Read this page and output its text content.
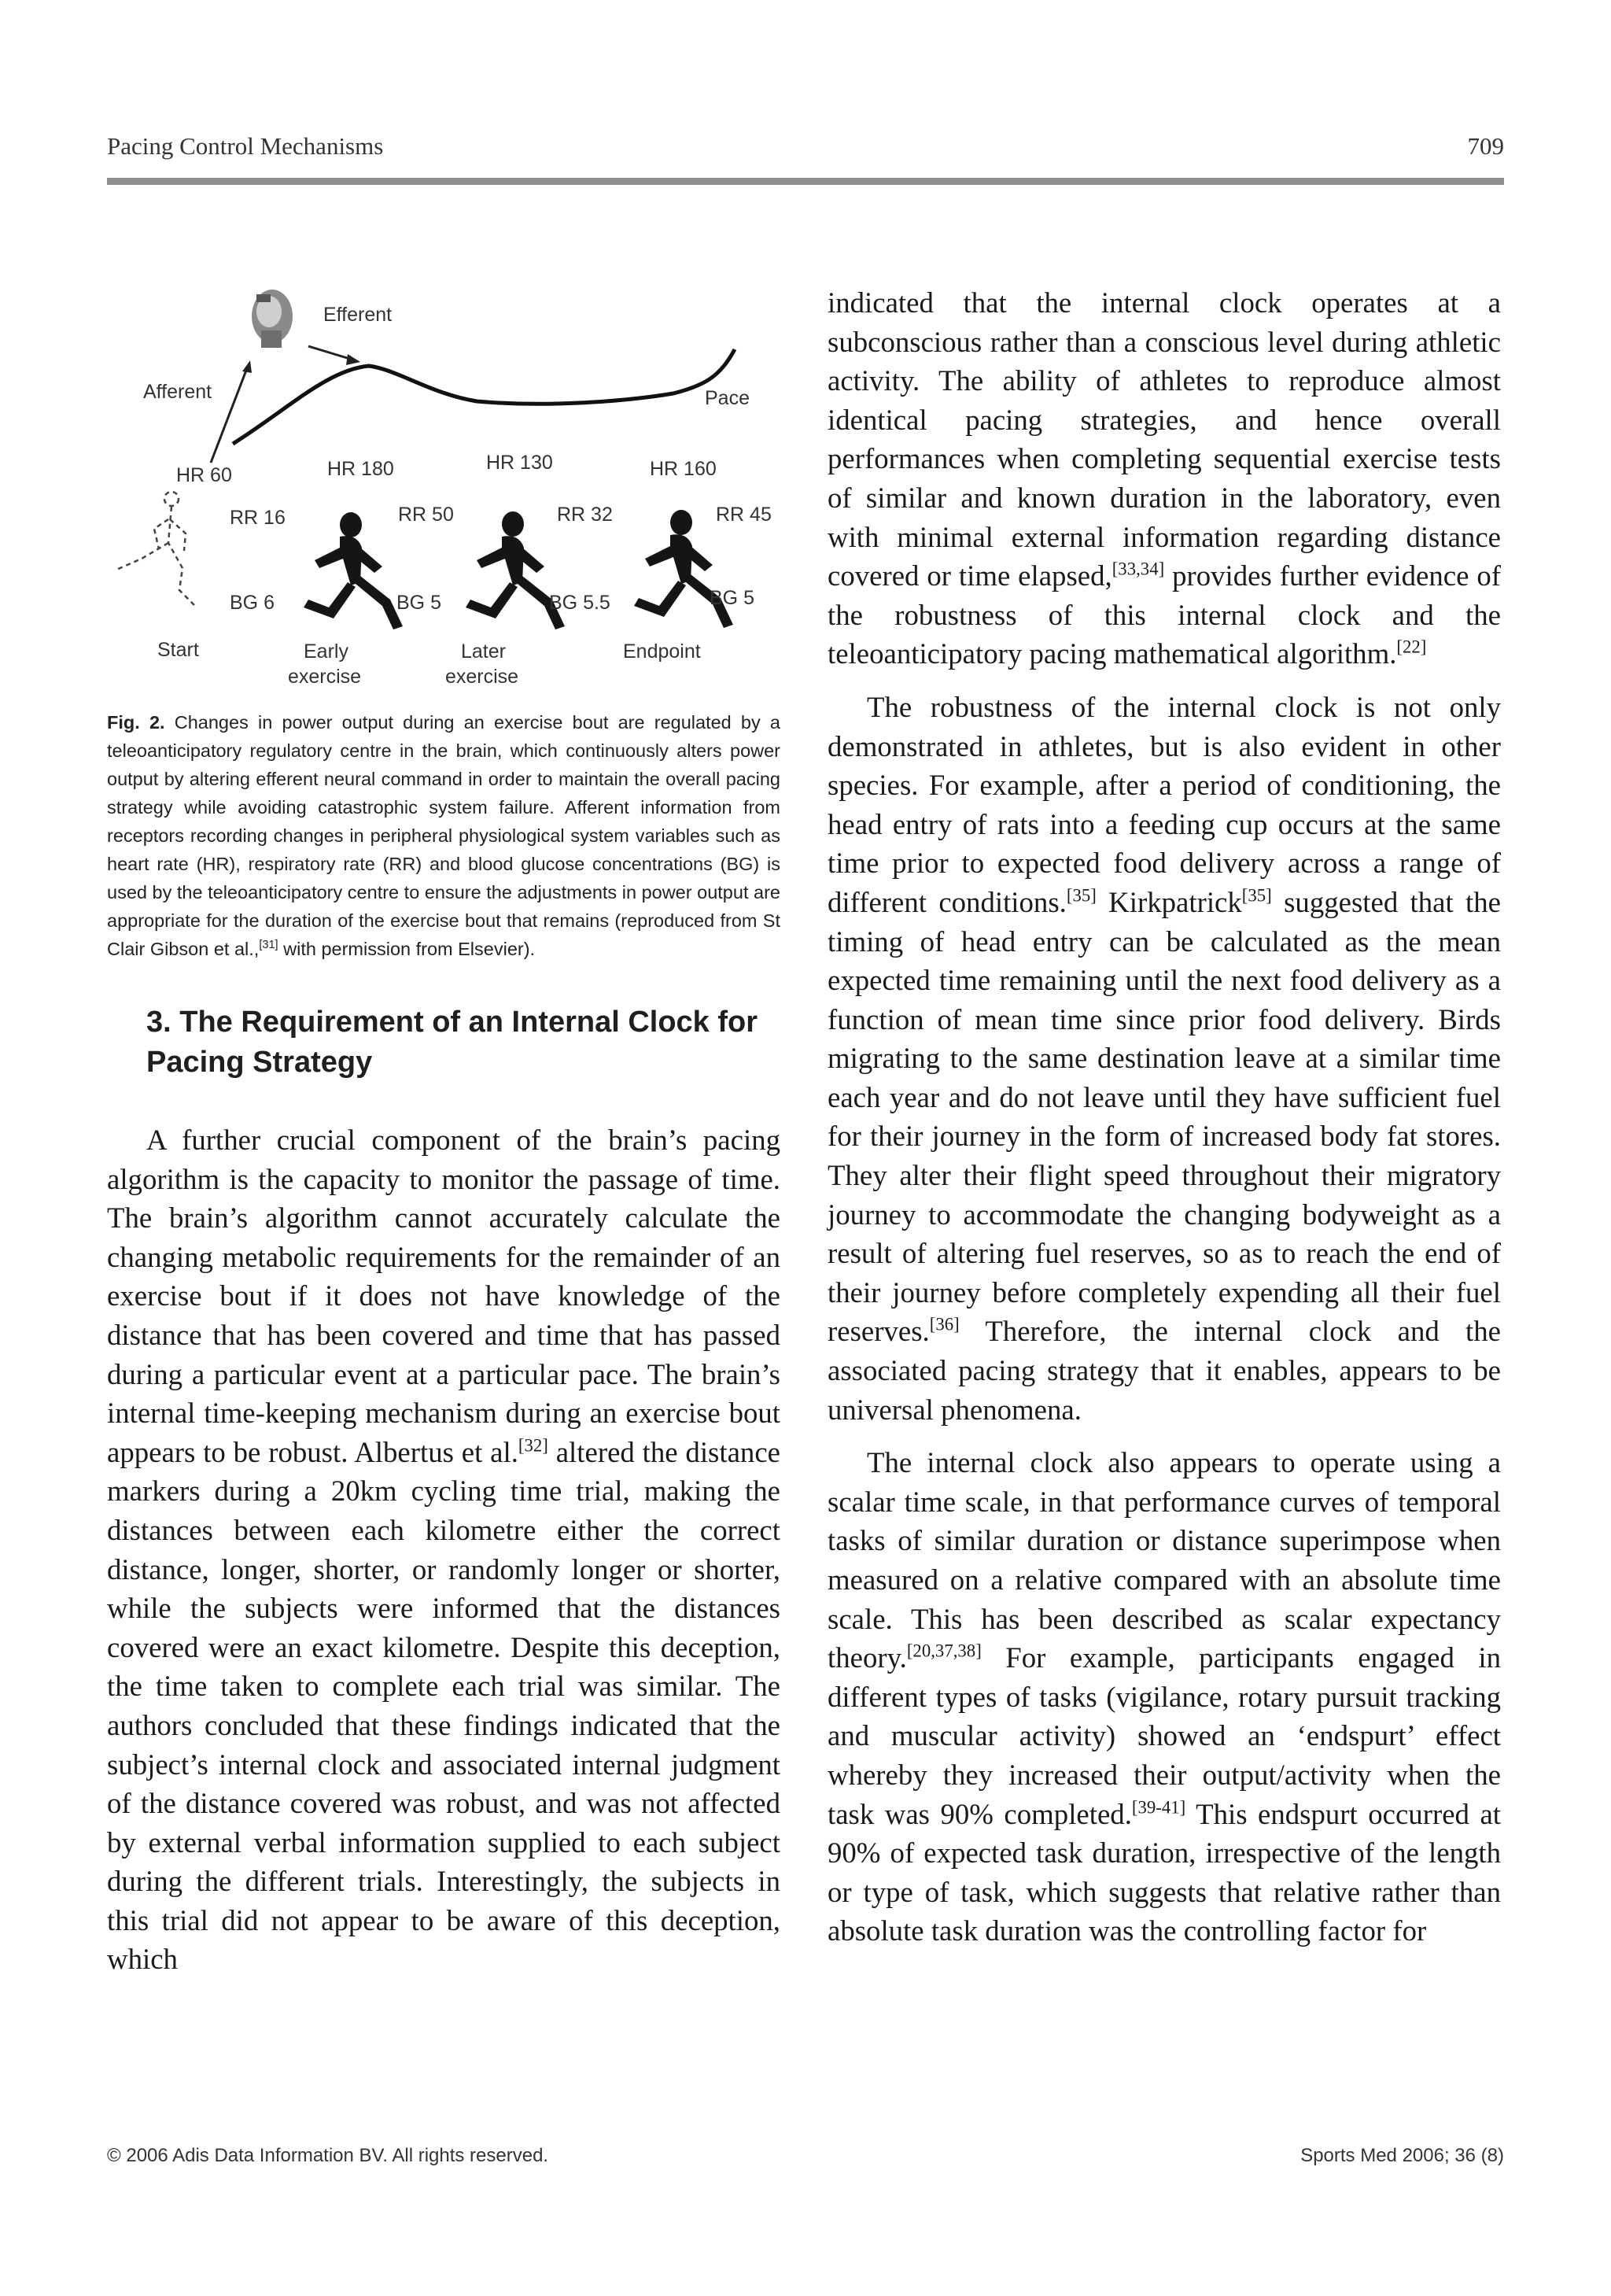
Pacing Control Mechanisms	709
Efferent
Afferent	Pace
HR 60	HR 180	HR 130	HR 160
RR 16	RR 50	RR 32	RR 45
BG 6	BG 5	BG 5.5	BG 5
Start	Early
exercise
Later
exercise
Endpoint
Fig. 2. Changes in power output during an exercise bout are regulated by a teleoanticipatory regulatory centre in the brain, which continuously alters power output by altering efferent neural command in order to maintain the overall pacing strategy while avoiding catastrophic system failure. Afferent information from receptors recording changes in peripheral physiological system variables such as heart rate (HR), respiratory rate (RR) and blood glucose concentrations (BG) is used by the teleoanticipatory centre to ensure the adjustments in power output are appropriate for the duration of the exercise bout that remains (reproduced from St Clair Gibson et al.,[31] with permission from Elsevier).
3. The Requirement of an Internal Clock for Pacing Strategy

A further crucial component of the brain’s pacing algorithm is the capacity to monitor the passage of time. The brain’s algorithm cannot accurately calculate the changing metabolic requirements for the remainder of an exercise bout if it does not have knowledge of the distance that has been covered and time that has passed during a particular event at a particular pace. The brain’s internal time-keeping mechanism during an exercise bout appears to be robust. Albertus et al.[32] altered the distance markers during a 20km cycling time trial, making the distances between each kilometre either the correct distance, longer, shorter, or randomly longer or shorter, while the subjects were informed that the distances covered were an exact kilometre. Despite this deception, the time taken to complete each trial was similar. The authors concluded that these findings indicated that the subject’s internal clock and associated internal judgment of the distance covered was robust, and was not affected by external verbal information supplied to each subject during the different trials. Interestingly, the subjects in this trial did not appear to be aware of this deception, which

indicated that the internal clock operates at a subconscious rather than a conscious level during athletic activity. The ability of athletes to reproduce almost identical pacing strategies, and hence overall performances when completing sequential exercise tests of similar and known duration in the laboratory, even with minimal external information regarding distance covered or time elapsed,[33,34] provides further evidence of the robustness of this internal clock and the teleoanticipatory pacing mathematical algorithm.[22]

The robustness of the internal clock is not only demonstrated in athletes, but is also evident in other species. For example, after a period of conditioning, the head entry of rats into a feeding cup occurs at the same time prior to expected food delivery across a range of different conditions.[35] Kirkpatrick[35] suggested that the timing of head entry can be calculated as the mean expected time remaining until the next food delivery as a function of mean time since prior food delivery. Birds migrating to the same destination leave at a similar time each year and do not leave until they have sufficient fuel for their journey in the form of increased body fat stores. They alter their flight speed throughout their migratory journey to accommodate the changing bodyweight as a result of altering fuel reserves, so as to reach the end of their journey before completely expending all their fuel reserves.[36] Therefore, the internal clock and the associated pacing strategy that it enables, appears to be universal phenomena.

The internal clock also appears to operate using a scalar time scale, in that performance curves of temporal tasks of similar duration or distance superimpose when measured on a relative compared with an absolute time scale. This has been described as scalar expectancy theory.[20,37,38] For example, participants engaged in different types of tasks (vigilance, rotary pursuit tracking and muscular activity) showed an ‘endspurt’ effect whereby they increased their output/activity when the task was 90% completed.[39-41] This endspurt occurred at 90% of expected task duration, irrespective of the length or type of task, which suggests that relative rather than absolute task duration was the controlling factor for

© 2006 Adis Data Information BV. All rights reserved.	Sports Med 2006; 36 (8)
